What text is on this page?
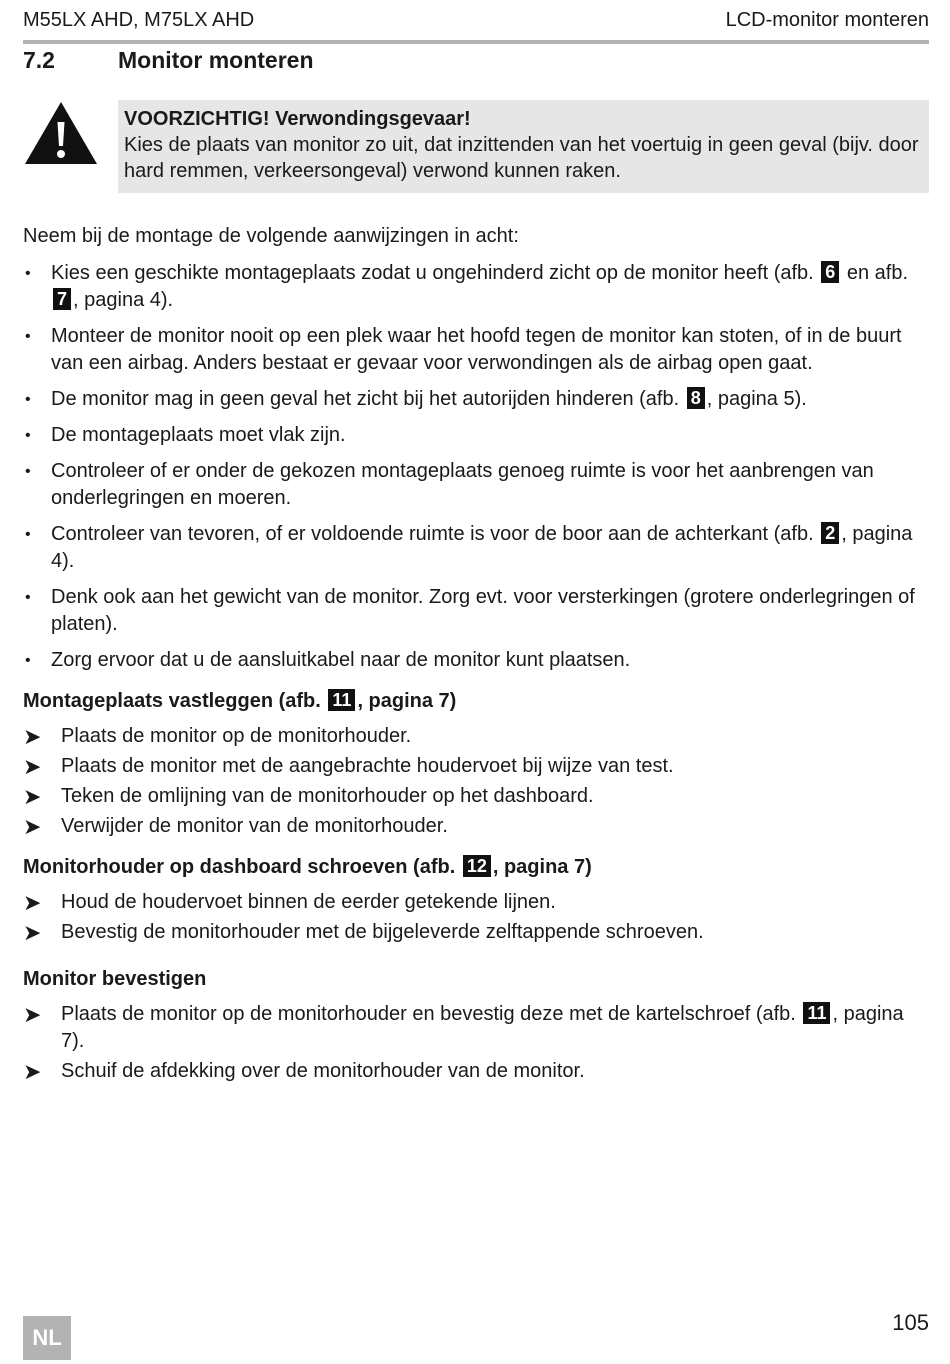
M55LX AHD, M75LX AHD	LCD-monitor monteren
7.2	Monitor monteren
VOORZICHTIG! Verwondingsgevaar!
Kies de plaats van monitor zo uit, dat inzittenden van het voertuig in geen geval (bijv. door hard remmen, verkeersongeval) verwond kunnen raken.

Neem bij de montage de volgende aanwijzingen in acht:

• Kies een geschikte montageplaats zodat u ongehinderd zicht op de monitor heeft (afb. 6 en afb. 7 , pagina 4).
• Monteer de monitor nooit op een plek waar het hoofd tegen de monitor kan stoten, of in de buurt van een airbag. Anders bestaat er gevaar voor verwondingen als de airbag open gaat.
• De monitor mag in geen geval het zicht bij het autorijden hinderen (afb. 8 , pagina 5).
• De montageplaats moet vlak zijn.
• Controleer of er onder de gekozen montageplaats genoeg ruimte is voor het aanbrengen van onderlegringen en moeren.
• Controleer van tevoren, of er voldoende ruimte is voor de boor aan de achterkant (afb. 2 , pagina 4).
• Denk ook aan het gewicht van de monitor. Zorg evt. voor versterkingen (grotere onderlegringen of platen).
• Zorg ervoor dat u de aansluitkabel naar de monitor kunt plaatsen.
Montageplaats vastleggen (afb. 11 , pagina 7)
➤ Plaats de monitor op de monitorhouder.
➤ Plaats de monitor met de aangebrachte houdervoet bij wijze van test.
➤ Teken de omlijning van de monitorhouder op het dashboard.
➤ Verwijder de monitor van de monitorhouder.
Monitorhouder op dashboard schroeven (afb. 12 , pagina 7)
➤ Houd de houdervoet binnen de eerder getekende lijnen.
➤ Bevestig de monitorhouder met de bijgeleverde zelftappende schroeven.
Monitor bevestigen
➤ Plaats de monitor op de monitorhouder en bevestig deze met de kartelschroef (afb. 11 , pagina 7).
➤ Schuif de afdekking over de monitorhouder van de monitor.
105
NL
